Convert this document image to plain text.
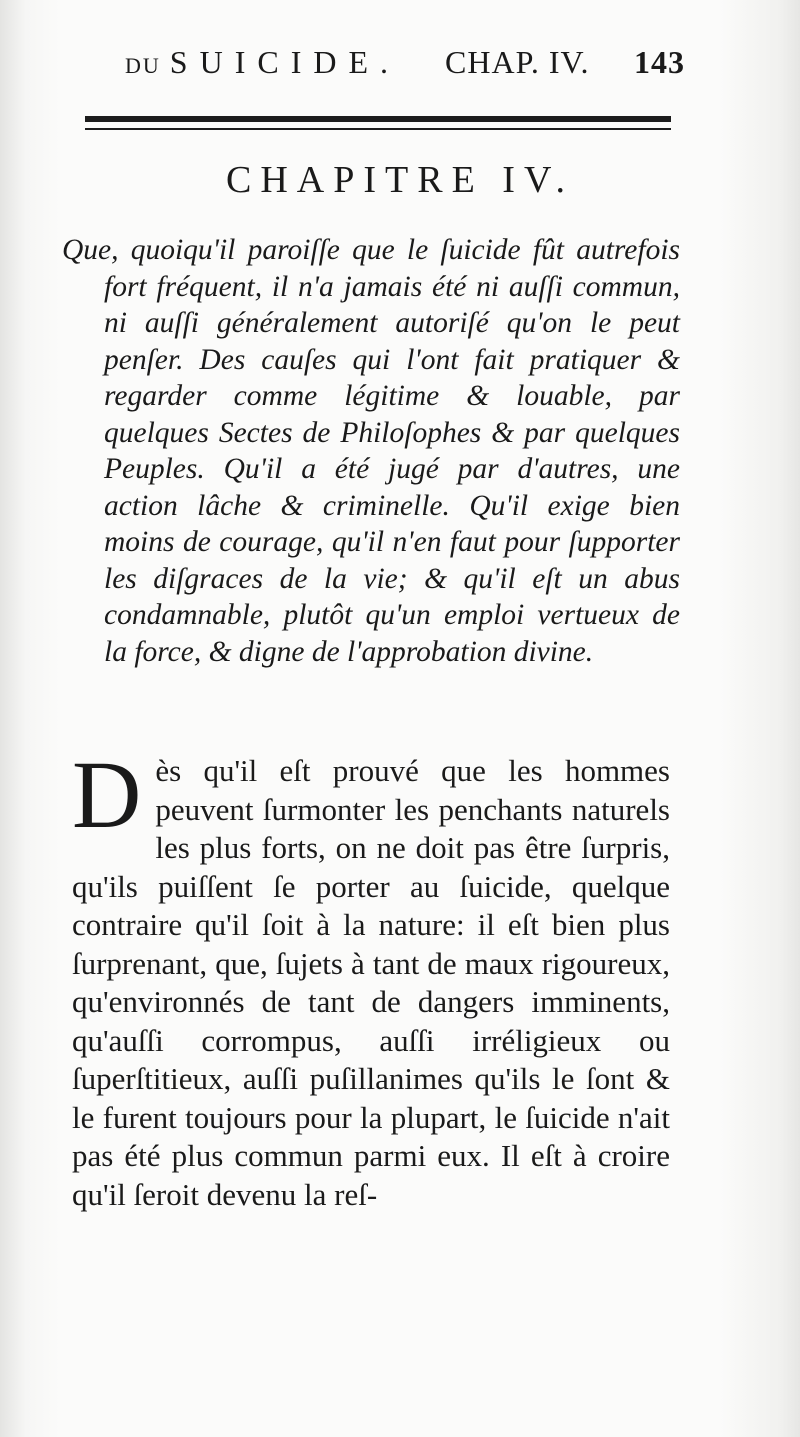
DU SUICIDE. CHAP. IV. 143
CHAPITRE IV.
Que, quoiqu'il paroiſſe que le ſuicide fût autrefois fort fréquent, il n'a jamais été ni auſſi commun, ni auſſi généralement autoriſé qu'on le peut penſer. Des cauſes qui l'ont fait pratiquer & regarder comme légitime & louable, par quelques Sectes de Philoſophes & par quelques Peuples. Qu'il a été jugé par d'autres, une action lâche & criminelle. Qu'il exige bien moins de courage, qu'il n'en faut pour ſupporter les diſgraces de la vie; & qu'il eſt un abus condamnable, plutôt qu'un emploi vertueux de la force, & digne de l'approbation divine.
Dès qu'il eſt prouvé que les hommes peuvent ſurmonter les penchants naturels les plus forts, on ne doit pas être ſurpris, qu'ils puiſſent ſe porter au ſuicide, quelque contraire qu'il ſoit à la nature: il eſt bien plus ſurprenant, que, ſujets à tant de maux rigoureux, qu'environnés de tant de dangers imminents, qu'auſſi corrompus, auſſi irréligieux ou ſuperſtitieux, auſſi puſillanimes qu'ils le ſont & le furent toujours pour la plupart, le ſuicide n'ait pas été plus commun parmi eux. Il eſt à croire qu'il ſeroit devenu la reſ-
